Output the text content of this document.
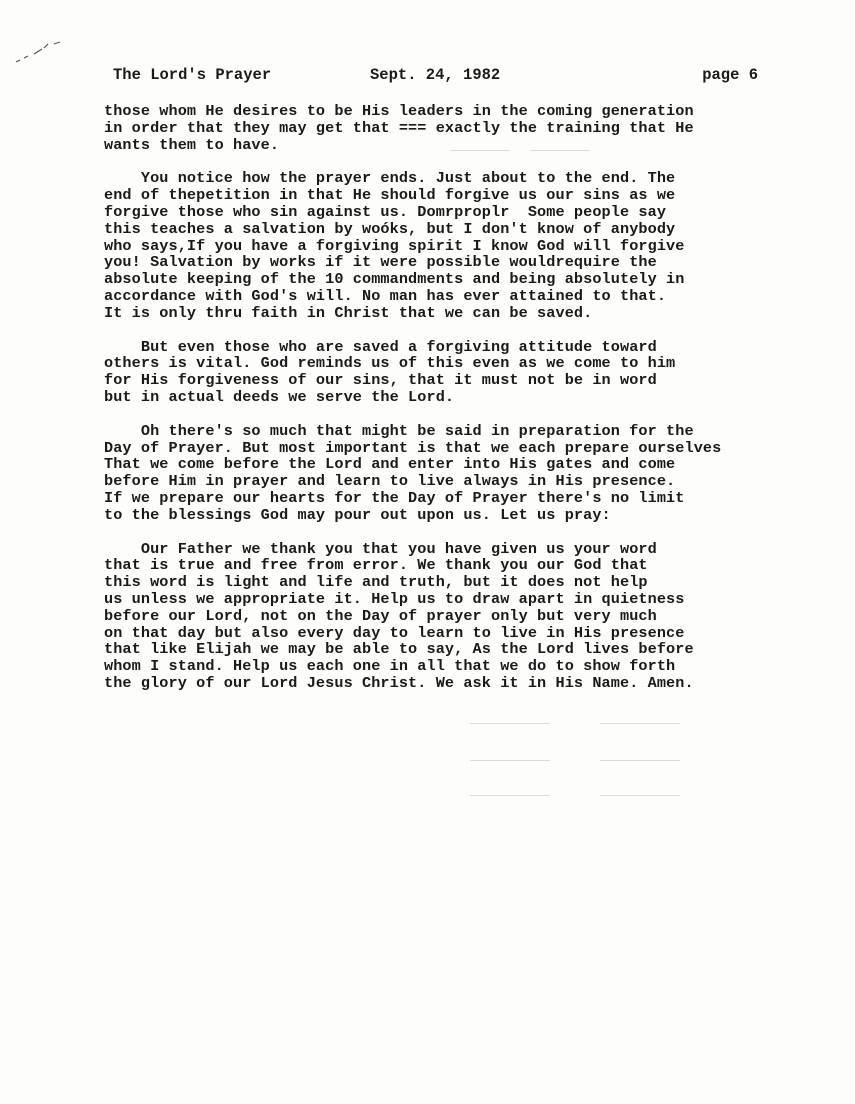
The Lord's Prayer	Sept. 24, 1982	page 6

those whom He desires to be His leaders in the coming generation
in order that they may get that === exactly the training that He
wants them to have.

You notice how the prayer ends. Just about to the end. The
end of thepetition in that He should forgive us our sins as we
forgive those who sin against us. Domrproplr  Some people say
this teaches a salvation by woóks, but I don't know of anybody
who says,If you have a forgiving spirit I know God will forgive
you! Salvation by works if it were possible wouldrequire the
absolute keeping of the 10 commandments and being absolutely in
accordance with God's will. No man has ever attained to that.
It is only thru faith in Christ that we can be saved.

But even those who are saved a forgiving attitude toward
others is vital. God reminds us of this even as we come to him
for His forgiveness of our sins, that it must not be in word
but in actual deeds we serve the Lord.

Oh there's so much that might be said in preparation for the
Day of Prayer. But most important is that we each prepare ourselves
That we come before the Lord and enter into His gates and come
before Him in prayer and learn to live always in His presence.
If we prepare our hearts for the Day of Prayer there's no limit
to the blessings God may pour out upon us. Let us pray:

Our Father we thank you that you have given us your word
that is true and free from error. We thank you our God that
this word is light and life and truth, but it does not help
us unless we appropriate it. Help us to draw apart in quietness
before our Lord, not on the Day of prayer only but very much
on that day but also every day to learn to live in His presence
that like Elijah we may be able to say, As the Lord lives before
whom I stand. Help us each one in all that we do to show forth
the glory of our Lord Jesus Christ. We ask it in His Name. Amen.
